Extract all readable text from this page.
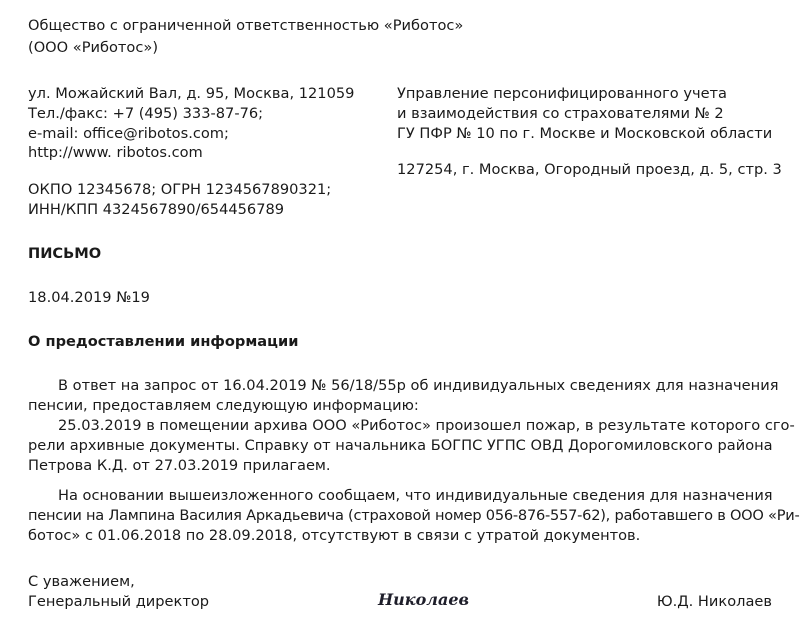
Общество с ограниченной ответственностью «Риботос»
(ООО «Риботос»)
ул. Можайский Вал, д. 95, Москва, 121059
Тел./факс: +7 (495) 333-87-76;
e-mail: office@ribotos.com;
http://www. ribotos.com
ОКПО 12345678; ОГРН 1234567890321;
ИНН/КПП 4324567890/654456789
Управление персонифицированного учета
и взаимодействия со страхователями № 2
ГУ ПФР № 10 по г. Москве и Московской области
127254, г. Москва, Огородный проезд, д. 5, стр. 3
ПИСЬМО
18.04.2019 №19
О предоставлении информации
В ответ на запрос от 16.04.2019 № 56/18/55р об индивидуальных сведениях для назначения
пенсии, предоставляем следующую информацию:
25.03.2019 в помещении архива ООО «Риботос» произошел пожар, в результате которого сго-
рели архивные документы. Справку от начальника БОГПС УГПС ОВД Дорогомиловского района
Петрова К.Д. от 27.03.2019 прилагаем.
На основании вышеизложенного сообщаем, что индивидуальные сведения для назначения
пенсии на Лампина Василия Аркадьевича (страховой номер 056-876-557-62), работавшего в ООО «Ри-
ботос» с 01.06.2018 по 28.09.2018, отсутствуют в связи с утратой документов.
С уважением,
Генеральный директор	Николаев	Ю.Д. Николаев
